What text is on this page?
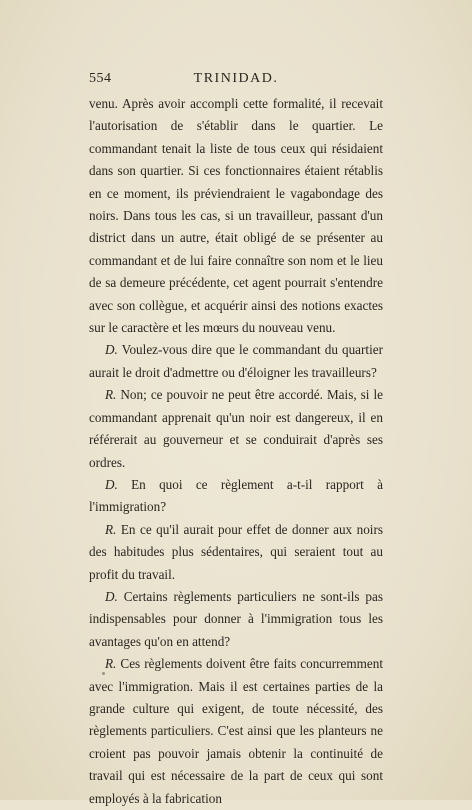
554	TRINIDAD.

venu. Après avoir accompli cette formalité, il recevait l'autorisation de s'établir dans le quartier. Le commandant tenait la liste de tous ceux qui résidaient dans son quartier. Si ces fonctionnaires étaient rétablis en ce moment, ils préviendraient le vagabondage des noirs. Dans tous les cas, si un travailleur, passant d'un district dans un autre, était obligé de se présenter au commandant et de lui faire connaître son nom et le lieu de sa demeure précédente, cet agent pourrait s'entendre avec son collègue, et acquérir ainsi des notions exactes sur le caractère et les mœurs du nouveau venu.

D. Voulez-vous dire que le commandant du quartier aurait le droit d'admettre ou d'éloigner les travailleurs?

R. Non; ce pouvoir ne peut être accordé. Mais, si le commandant apprenait qu'un noir est dangereux, il en référerait au gouverneur et se conduirait d'après ses ordres.

D. En quoi ce règlement a-t-il rapport à l'immigration?

R. En ce qu'il aurait pour effet de donner aux noirs des habitudes plus sédentaires, qui seraient tout au profit du travail.

D. Certains règlements particuliers ne sont-ils pas indispensables pour donner à l'immigration tous les avantages qu'on en attend?

R. Ces règlements doivent être faits concurremment avec l'immigration. Mais il est certaines parties de la grande culture qui exigent, de toute nécessité, des règlements particuliers. C'est ainsi que les planteurs ne croient pas pouvoir jamais obtenir la continuité de travail qui est nécessaire de la part de ceux qui sont employés à la fabrication
